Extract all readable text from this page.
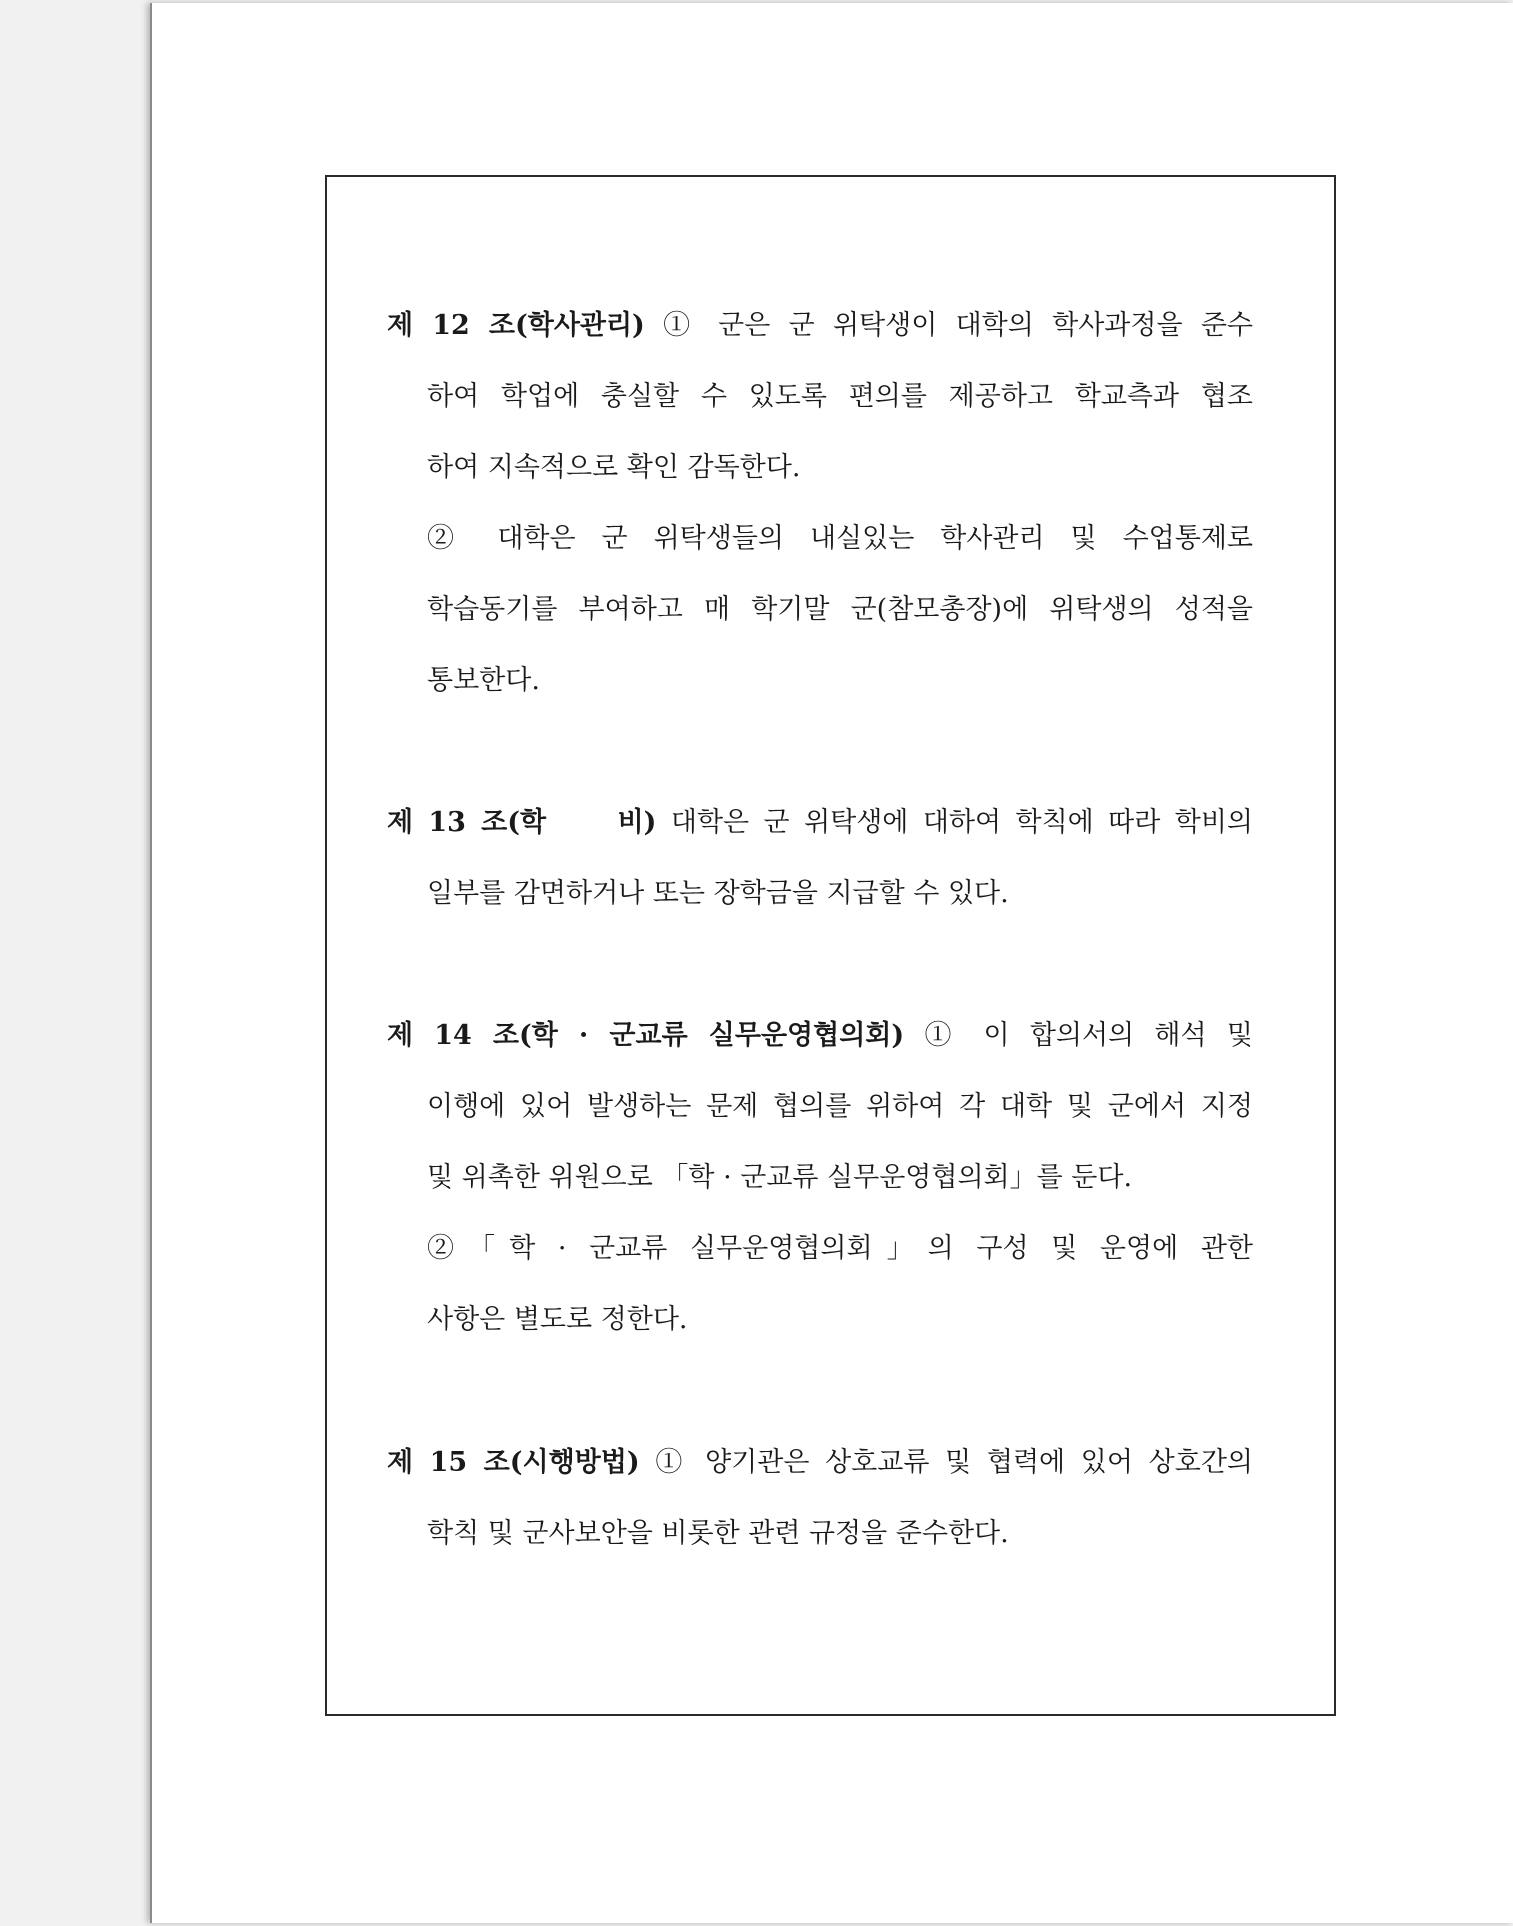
제 12 조(학사관리) ① 군은 군 위탁생이 대학의 학사과정을 준수
하여 학업에 충실할 수 있도록 편의를 제공하고 학교측과 협조
하여 지속적으로 확인 감독한다.
② 대학은 군 위탁생들의 내실있는 학사관리 및 수업통제로
학습동기를 부여하고 매 학기말 군(참모총장)에 위탁생의 성적을
통보한다.
제 13 조(학　　비) 대학은 군 위탁생에 대하여 학칙에 따라 학비의
일부를 감면하거나 또는 장학금을 지급할 수 있다.
제 14 조(학 · 군교류 실무운영협의회) ① 이 합의서의 해석 및
이행에 있어 발생하는 문제 협의를 위하여 각 대학 및 군에서 지정
및 위촉한 위원으로 「학 · 군교류 실무운영협의회」를 둔다.
②「학 · 군교류 실무운영협의회」의 구성 및 운영에 관한
사항은 별도로 정한다.
제 15 조(시행방법) ① 양기관은 상호교류 및 협력에 있어 상호간의
학칙 및 군사보안을 비롯한 관련 규정을 준수한다.
